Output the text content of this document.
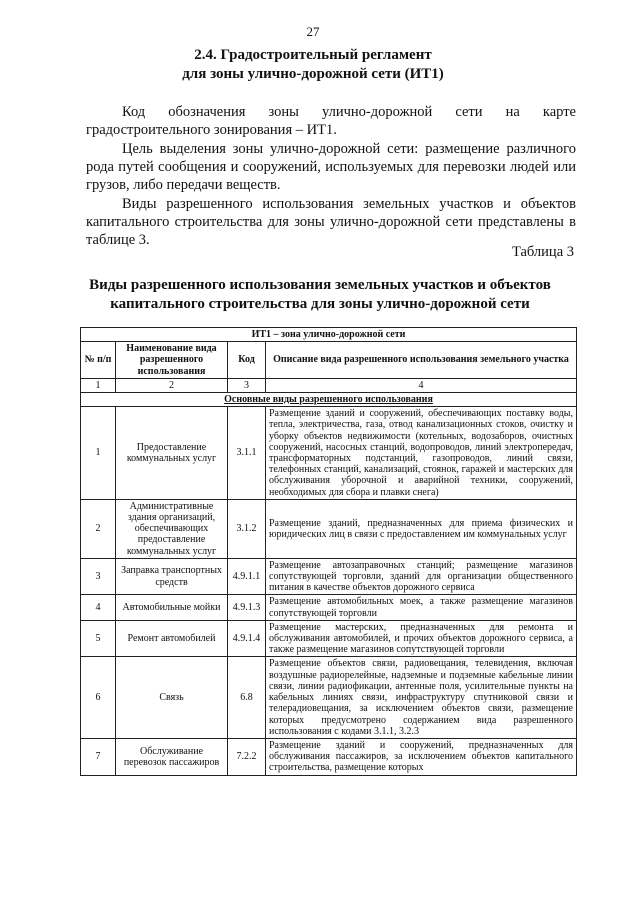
27
2.4. Градостроительный регламент
для зоны улично-дорожной сети (ИТ1)
Код обозначения зоны улично-дорожной сети на карте градостроительного зонирования – ИТ1.
Цель выделения зоны улично-дорожной сети: размещение различного рода путей сообщения и сооружений, используемых для перевозки людей или грузов, либо передачи веществ.
Виды разрешенного использования земельных участков и объектов капитального строительства для зоны улично-дорожной сети представлены в таблице 3.
Таблица 3
Виды разрешенного использования земельных участков и объектов
капитального строительства для зоны улично-дорожной сети
ИТ1 – зона улично-дорожной сети			
№ п/п	Наименование вида разрешенного использования	Код	Описание вида разрешенного использования земельного участка
1	2	3	4
Основные виды разрешенного использования			
1	Предоставление коммунальных услуг	3.1.1	Размещение зданий и сооружений, обеспечивающих поставку воды, тепла, электричества, газа, отвод канализационных стоков, очистку и уборку объектов недвижимости (котельных, водозаборов, очистных сооружений, насосных станций, водопроводов, линий электропередач, трансформаторных подстанций, газопроводов, линий связи, телефонных станций, канализаций, стоянок, гаражей и мастерских для обслуживания уборочной и аварийной техники, сооружений, необходимых для сбора и плавки снега)
2	Административные здания организаций, обеспечивающих предоставление коммунальных услуг	3.1.2	Размещение зданий, предназначенных для приема физических и юридических лиц в связи с предоставлением им коммунальных услуг
3	Заправка транспортных средств	4.9.1.1	Размещение автозаправочных станций; размещение магазинов сопутствующей торговли, зданий для организации общественного питания в качестве объектов дорожного сервиса
4	Автомобильные мойки	4.9.1.3	Размещение автомобильных моек, а также размещение магазинов сопутствующей торговли
5	Ремонт автомобилей	4.9.1.4	Размещение мастерских, предназначенных для ремонта и обслуживания автомобилей, и прочих объектов дорожного сервиса, а также размещение магазинов сопутствующей торговли
6	Связь	6.8	Размещение объектов связи, радиовещания, телевидения, включая воздушные радиорелейные, надземные и подземные кабельные линии связи, линии радиофикации, антенные поля, усилительные пункты на кабельных линиях связи, инфраструктуру спутниковой связи и телерадиовещания, за исключением объектов связи, размещение которых предусмотрено содержанием вида разрешенного использования с кодами 3.1.1, 3.2.3
7	Обслуживание перевозок пассажиров	7.2.2	Размещение зданий и сооружений, предназначенных для обслуживания пассажиров, за исключением объектов капитального строительства, размещение которых
